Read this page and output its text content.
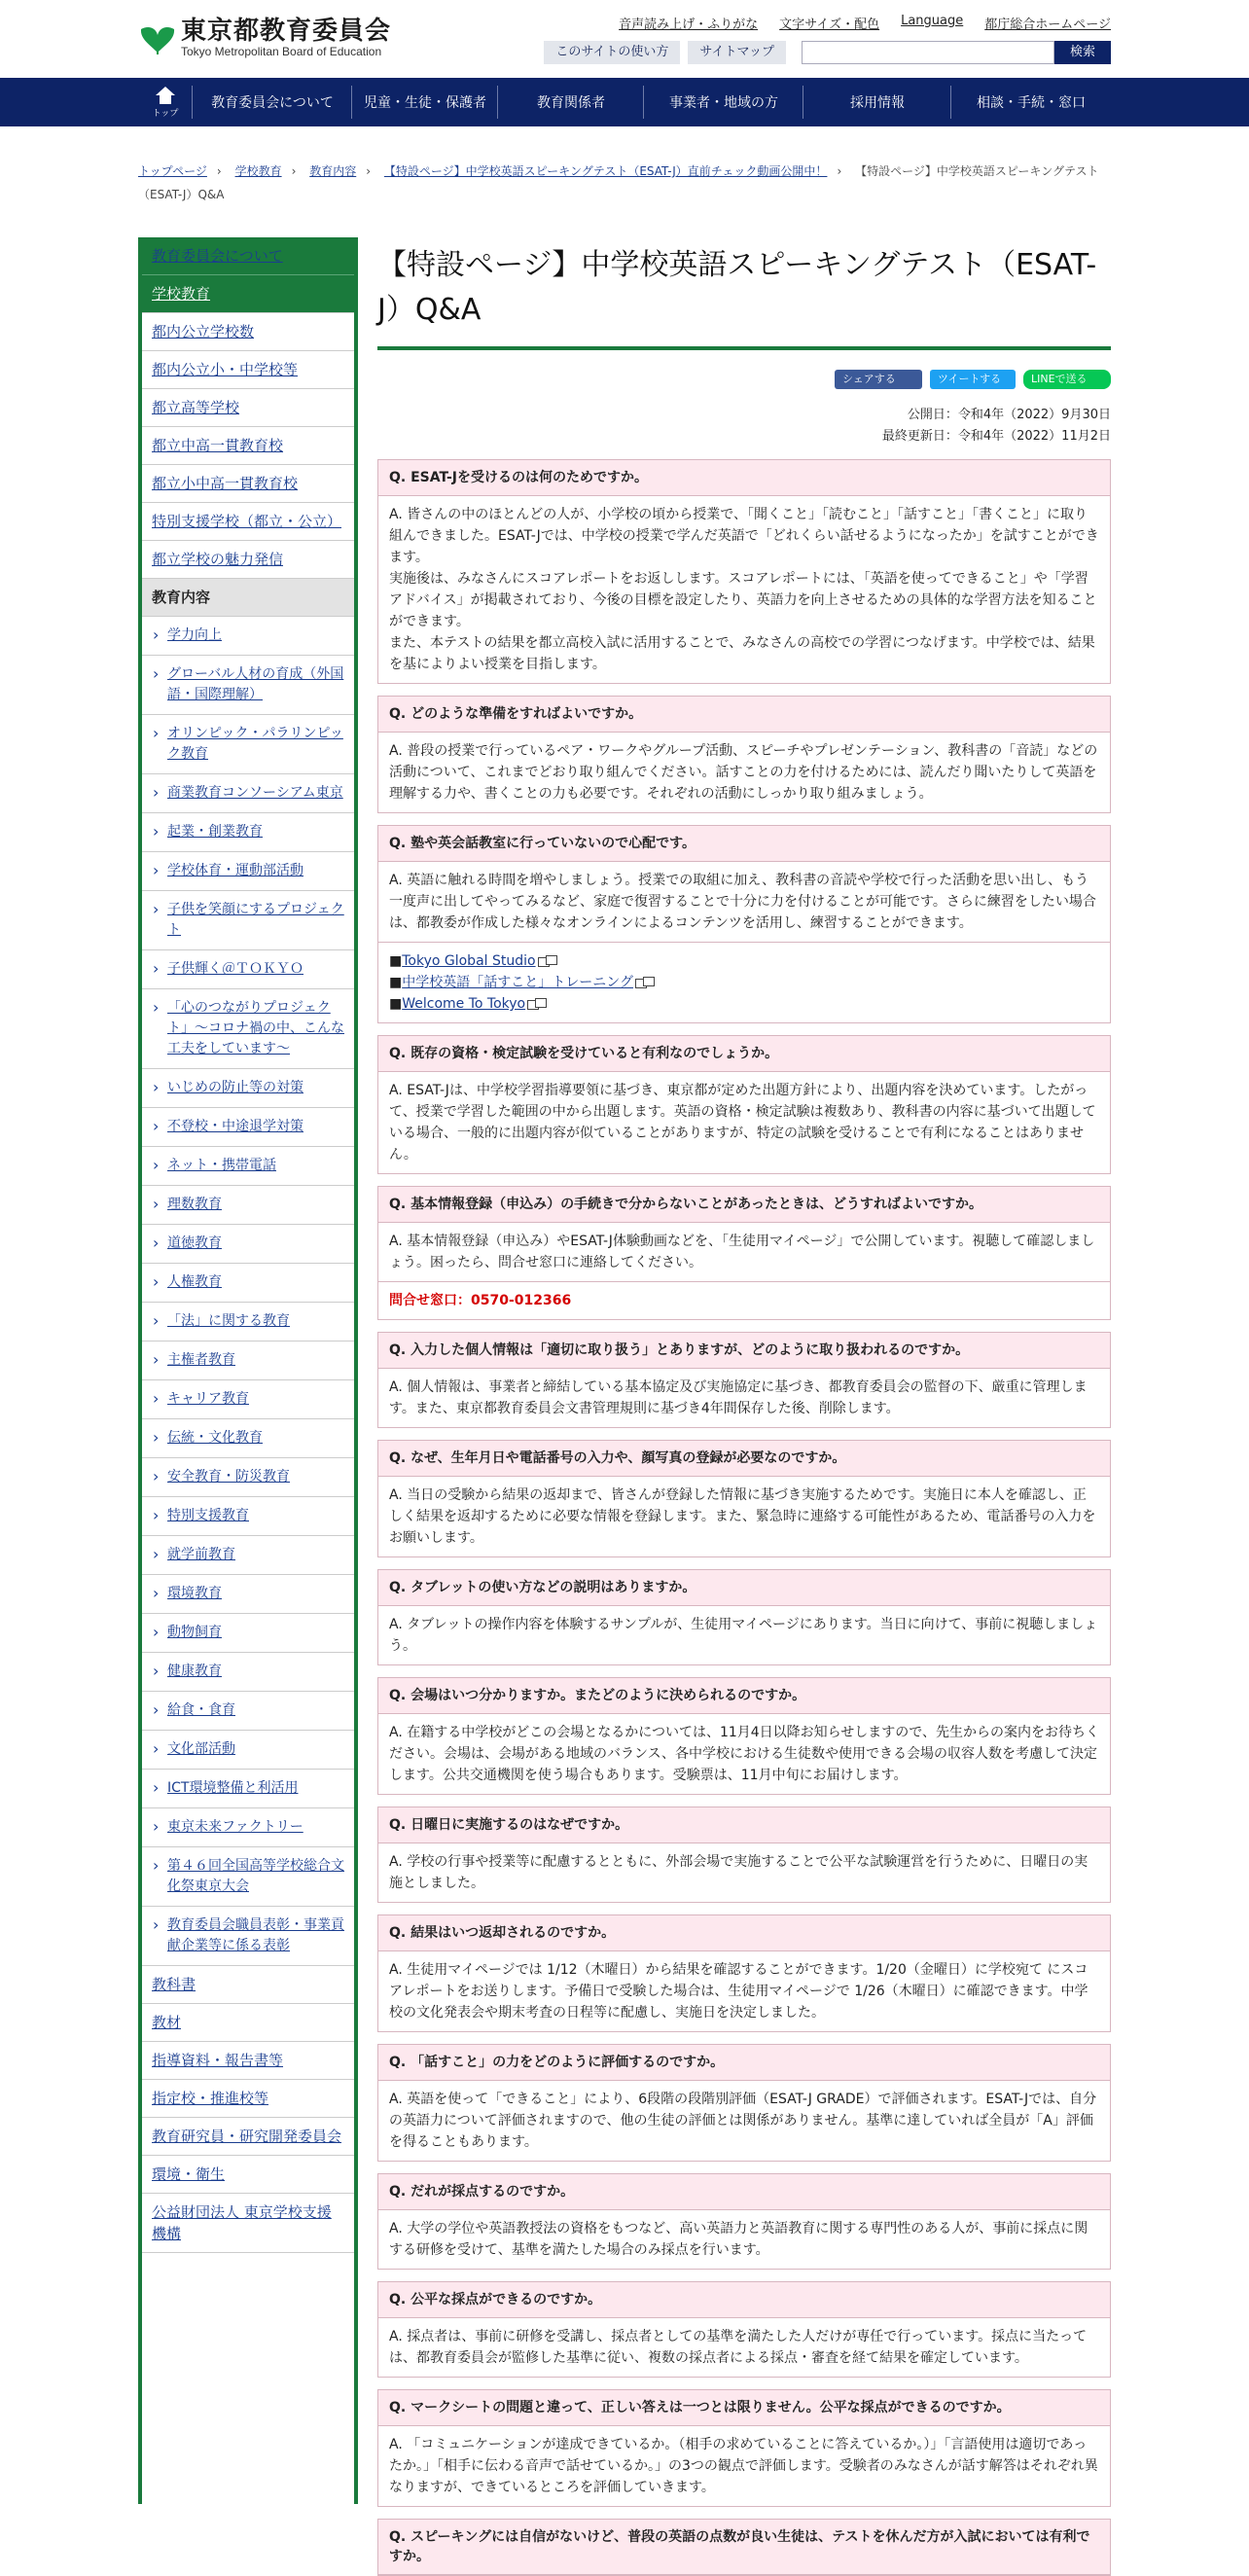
東京都教育委員会
Tokyo Metropolitan Board of Education
音声読み上げ・ふりがな 文字サイズ・配色 Language 都庁総合ホームページ
このサイトの使い方	サイトマップ	検索
トップ
教育委員会について	児童・生徒・保護者	教育関係者	事業者・地域の方	採用情報	相談・手続・窓口
トップページ › 学校教育 › 教育内容 › 【特設ページ】中学校英語スピーキングテスト（ESAT-J）直前チェック動画公開中！ › 【特設ページ】中学校英語スピーキングテスト（ESAT-J）Q&A
教育委員会について
学校教育
都内公立学校数
都内公立小・中学校等
都立高等学校
都立中高一貫教育校
都立小中高一貫教育校
特別支援学校（都立・公立）
都立学校の魅力発信
教育内容
› 学力向上
› グローバル人材の育成（外国語・国際理解）
› オリンピック・パラリンピック教育
› 商業教育コンソーシアム東京
› 起業・創業教育
› 学校体育・運動部活動
› 子供を笑顔にするプロジェクト
› 子供輝く＠ＴＯＫＹＯ
› 「心のつながりプロジェクト」～コロナ禍の中、こんな工夫をしています～
› いじめの防止等の対策
› 不登校・中途退学対策
› ネット・携帯電話
› 理数教育
› 道徳教育
› 人権教育
› 「法」に関する教育
› 主権者教育
› キャリア教育
› 伝統・文化教育
› 安全教育・防災教育
› 特別支援教育
› 就学前教育
› 環境教育
› 動物飼育
› 健康教育
› 給食・食育
› 文化部活動
› ICT環境整備と利活用
› 東京未来ファクトリー
› 第４６回全国高等学校総合文化祭東京大会
› 教育委員会職員表彰・事業貢献企業等に係る表彰
教科書
教材
指導資料・報告書等
指定校・推進校等
教育研究員・研究開発委員会
環境・衛生
公益財団法人 東京学校支援機構
【特設ページ】中学校英語スピーキングテスト（ESAT-J）Q&A
シェアする	ツイートする	LINEで送る
公開日：令和4年（2022）9月30日
最終更新日：令和4年（2022）11月2日
Q. ESAT-Jを受けるのは何のためですか。
A. 皆さんの中のほとんどの人が、小学校の頃から授業で、「聞くこと」「読むこと」「話すこと」「書くこと」に取り組んできました。ESAT-Jでは、中学校の授業で学んだ英語で「どれくらい話せるようになったか」を試すことができます。
実施後は、みなさんにスコアレポートをお返しします。スコアレポートには、「英語を使ってできること」や「学習アドバイス」が掲載されており、今後の目標を設定したり、英語力を向上させるための具体的な学習方法を知ることができます。
また、本テストの結果を都立高校入試に活用することで、みなさんの高校での学習につなげます。中学校では、結果を基によりよい授業を目指します。
Q. どのような準備をすればよいですか。
A. 普段の授業で行っているペア・ワークやグループ活動、スピーチやプレゼンテーション、教科書の「音読」などの活動について、これまでどおり取り組んでください。話すことの力を付けるためには、読んだり聞いたりして英語を理解する力や、書くことの力も必要です。それぞれの活動にしっかり取り組みましょう。
Q. 塾や英会話教室に行っていないので心配です。
A. 英語に触れる時間を増やしましょう。授業での取組に加え、教科書の音読や学校で行った活動を思い出し、もう一度声に出してやってみるなど、家庭で復習することで十分に力を付けることが可能です。さらに練習をしたい場合は、都教委が作成した様々なオンラインによるコンテンツを活用し、練習することができます。
■Tokyo Global Studio
■中学校英語「話すこと」トレーニング
■Welcome To Tokyo
Q. 既存の資格・検定試験を受けていると有利なのでしょうか。
A. ESAT-Jは、中学校学習指導要領に基づき、東京都が定めた出題方針により、出題内容を決めています。したがって、授業で学習した範囲の中から出題します。英語の資格・検定試験は複数あり、教科書の内容に基づいて出題している場合、一般的に出題内容が似ていることがありますが、特定の試験を受けることで有利になることはありません。
Q. 基本情報登録（申込み）の手続きで分からないことがあったときは、どうすればよいですか。
A. 基本情報登録（申込み）やESAT-J体験動画などを、「生徒用マイページ」で公開しています。視聴して確認しましょう。困ったら、問合せ窓口に連絡してください。
問合せ窓口：0570-012366
Q. 入力した個人情報は「適切に取り扱う」とありますが、どのように取り扱われるのですか。
A. 個人情報は、事業者と締結している基本協定及び実施協定に基づき、都教育委員会の監督の下、厳重に管理します。また、東京都教育委員会文書管理規則に基づき4年間保存した後、削除します。
Q. なぜ、生年月日や電話番号の入力や、顔写真の登録が必要なのですか。
A. 当日の受験から結果の返却まで、皆さんが登録した情報に基づき実施するためです。実施日に本人を確認し、正しく結果を返却するために必要な情報を登録します。また、緊急時に連絡する可能性があるため、電話番号の入力をお願いします。
Q. タブレットの使い方などの説明はありますか。
A. タブレットの操作内容を体験するサンプルが、生徒用マイページにあります。当日に向けて、事前に視聴しましょう。
Q. 会場はいつ分かりますか。またどのように決められるのですか。
A. 在籍する中学校がどこの会場となるかについては、11月4日以降お知らせしますので、先生からの案内をお待ちください。会場は、会場がある地域のバランス、各中学校における生徒数や使用できる会場の収容人数を考慮して決定します。公共交通機関を使う場合もあります。受験票は、11月中旬にお届けします。
Q. 日曜日に実施するのはなぜですか。
A. 学校の行事や授業等に配慮するとともに、外部会場で実施することで公平な試験運営を行うために、日曜日の実施としました。
Q. 結果はいつ返却されるのですか。
A. 生徒用マイページでは 1/12（木曜日）から結果を確認することができます。1/20（金曜日）に学校宛て にスコアレポートをお送りします。予備日で受験した場合は、生徒用マイページで 1/26（木曜日）に確認できます。中学校の文化発表会や期末考査の日程等に配慮し、実施日を決定しました。
Q. 「話すこと」の力をどのように評価するのですか。
A. 英語を使って「できること」により、6段階の段階別評価（ESAT-J GRADE）で評価されます。ESAT-Jでは、自分の英語力について評価されますので、他の生徒の評価とは関係がありません。基準に達していれば全員が「A」評価を得ることもあります。
Q. だれが採点するのですか。
A. 大学の学位や英語教授法の資格をもつなど、高い英語力と英語教育に関する専門性のある人が、事前に採点に関する研修を受けて、基準を満たした場合のみ採点を行います。
Q. 公平な採点ができるのですか。
A. 採点者は、事前に研修を受講し、採点者としての基準を満たした人だけが専任で行っています。採点に当たっては、都教育委員会が監修した基準に従い、複数の採点者による採点・審査を経て結果を確定しています。
Q. マークシートの問題と違って、正しい答えは一つとは限りません。公平な採点ができるのですか。
A. 「コミュニケーションが達成できているか。（相手の求めていることに答えているか。）」「言語使用は適切であったか。」「相手に伝わる音声で話せているか。」の3つの観点で評価します。受験者のみなさんが話す解答はそれぞれ異なりますが、できているところを評価していきます。
Q. スピーキングには自信がないけど、普段の英語の点数が良い生徒は、テストを休んだ方が入試においては有利ですか。
